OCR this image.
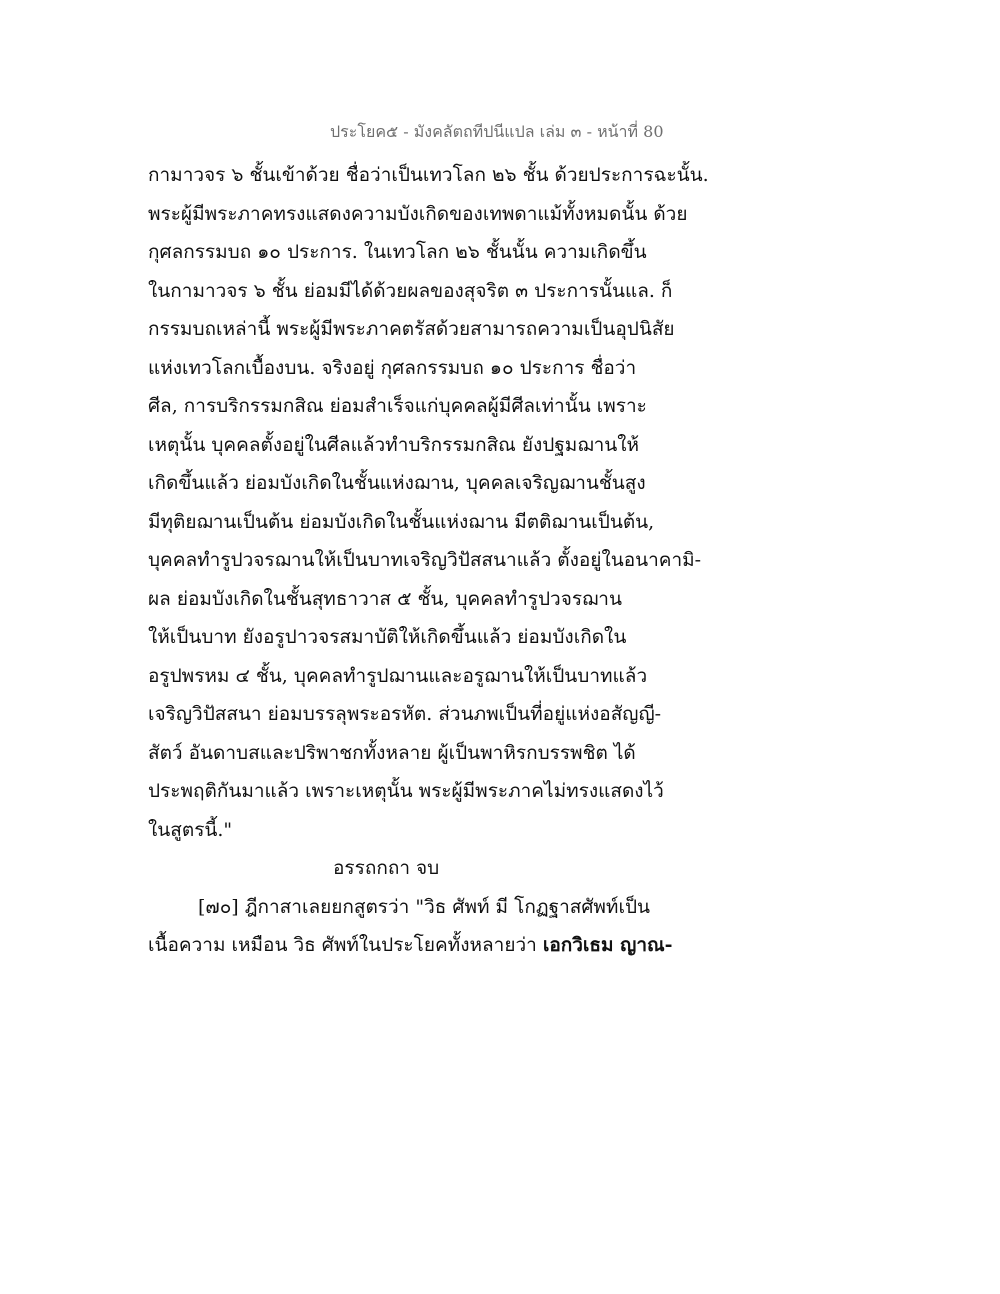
ประโยค๕ - มังคลัตถทีปนีแปล เล่ม ๓ - หน้าที่ 80
กามาวจร ๖ ชั้นเข้าด้วย ชื่อว่าเป็นเทวโลก ๒๖ ชั้น ด้วยประการฉะนั้น.
พระผู้มีพระภาคทรงแสดงความบังเกิดของเทพดาแม้ทั้งหมดนั้น ด้วย
กุศลกรรมบถ ๑๐ ประการ. ในเทวโลก ๒๖ ชั้นนั้น ความเกิดขึ้น
ในกามาวจร ๖ ชั้น ย่อมมีได้ด้วยผลของสุจริต ๓ ประการนั้นแล. ก็
กรรมบถเหล่านี้ พระผู้มีพระภาคตรัสด้วยสามารถความเป็นอุปนิสัย
แห่งเทวโลกเบื้องบน. จริงอยู่ กุศลกรรมบถ ๑๐ ประการ ชื่อว่า
ศีล, การบริกรรมกสิณ ย่อมสำเร็จแก่บุคคลผู้มีศีลเท่านั้น เพราะ
เหตุนั้น บุคคลตั้งอยู่ในศีลแล้วทำบริกรรมกสิณ ยังปฐมฌานให้
เกิดขึ้นแล้ว ย่อมบังเกิดในชั้นแห่งฌาน, บุคคลเจริญฌานชั้นสูง
มีทุติยฌานเป็นต้น ย่อมบังเกิดในชั้นแห่งฌาน มีตติฌานเป็นต้น,
บุคคลทำรูปวจรฌานให้เป็นบาทเจริญวิปัสสนาแล้ว ตั้งอยู่ในอนาคามิ-
ผล ย่อมบังเกิดในชั้นสุทธาวาส ๕ ชั้น, บุคคลทำรูปวจรฌาน
ให้เป็นบาท ยังอรูปาวจรสมาบัติให้เกิดขึ้นแล้ว ย่อมบังเกิดใน
อรูปพรหม ๔ ชั้น, บุคคลทำรูปฌานและอรูฌานให้เป็นบาทแล้ว
เจริญวิปัสสนา ย่อมบรรลุพระอรหัต. ส่วนภพเป็นที่อยู่แห่งอสัญญี-
สัตว์ อันดาบสและปริพาชกทั้งหลาย ผู้เป็นพาหิรกบรรพชิต ได้
ประพฤติกันมาแล้ว เพราะเหตุนั้น พระผู้มีพระภาคไม่ทรงแสดงไว้
ในสูตรนี้."
อรรถกถา จบ
[๗๐] ฎีกาสาเลยยกสูตรว่า "วิธ ศัพท์ มี โกฏฐาสศัพท์เป็น
เนื้อความ เหมือน วิธ ศัพท์ในประโยคทั้งหลายว่า เอกวิเธม ญาณ-
